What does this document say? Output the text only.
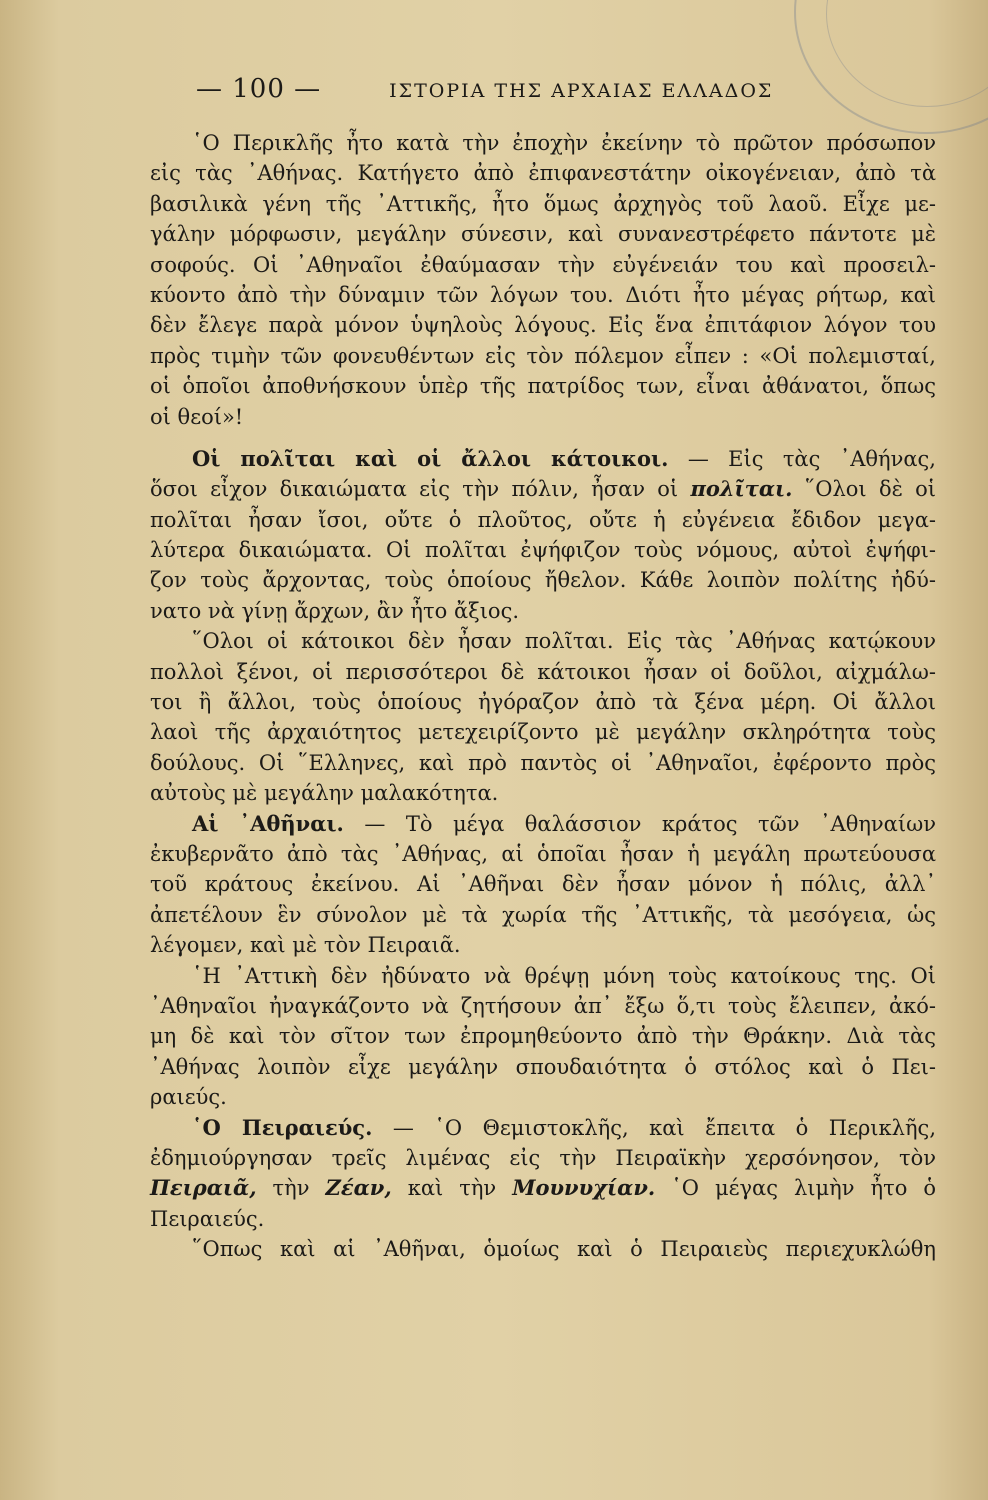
— 100 —	ΙΣΤΟΡΙΑ ΤΗΣ ΑΡΧΑΙΑΣ ΕΛΛΑΔΟΣ
῾Ο Περικλῆς ἦτο κατὰ τὴν ἐποχὴν ἐκείνην τὸ πρῶτον πρόσωπον
εἰς τὰς ᾿Αθήνας. Κατήγετο ἀπὸ ἐπιφανεστάτην οἰκογένειαν, ἀπὸ τὰ
βασιλικὰ γένη τῆς ᾿Αττικῆς, ἦτο ὅμως ἀρχηγὸς τοῦ λαοῦ. Εἶχε με-
γάλην μόρφωσιν, μεγάλην σύνεσιν, καὶ συνανεστρέφετο πάντοτε μὲ
σοφούς. Οἱ ᾿Αθηναῖοι ἐθαύμασαν τὴν εὐγένειάν του καὶ προσειλ-
κύοντο ἀπὸ τὴν δύναμιν τῶν λόγων του. Διότι ἦτο μέγας ρήτωρ, καὶ
δὲν ἔλεγε παρὰ μόνον ὑψηλοὺς λόγους. Εἰς ἕνα ἐπιτάφιον λόγον του
πρὸς τιμὴν τῶν φονευθέντων εἰς τὸν πόλεμον εἶπεν : «Οἱ πολεμισταί,
οἱ ὁποῖοι ἀποθνήσκουν ὑπὲρ τῆς πατρίδος των, εἶναι ἀθάνατοι, ὅπως
οἱ θεοί»!
Οἱ πολῖται καὶ οἱ ἄλλοι κάτοικοι. — Εἰς τὰς ᾿Αθήνας,
ὅσοι εἶχον δικαιώματα εἰς τὴν πόλιν, ἦσαν οἱ πολῖται. ῞Ολοι δὲ οἱ
πολῖται ἦσαν ἴσοι, οὔτε ὁ πλοῦτος, οὔτε ἡ εὐγένεια ἔδιδον μεγα-
λύτερα δικαιώματα. Οἱ πολῖται ἐψήφιζον τοὺς νόμους, αὐτοὶ ἐψήφι-
ζον τοὺς ἄρχοντας, τοὺς ὁποίους ἤθελον. Κάθε λοιπὸν πολίτης ἠδύ-
νατο νὰ γίνῃ ἄρχων, ἂν ἦτο ἄξιος.
῞Ολοι οἱ κάτοικοι δὲν ἦσαν πολῖται. Εἰς τὰς ᾿Αθήνας κατῴκουν
πολλοὶ ξένοι, οἱ περισσότεροι δὲ κάτοικοι ἦσαν οἱ δοῦλοι, αἰχμάλω-
τοι ἢ ἄλλοι, τοὺς ὁποίους ἠγόραζον ἀπὸ τὰ ξένα μέρη. Οἱ ἄλλοι
λαοὶ τῆς ἀρχαιότητος μετεχειρίζοντο μὲ μεγάλην σκληρότητα τοὺς
δούλους. Οἱ ῞Ελληνες, καὶ πρὸ παντὸς οἱ ᾿Αθηναῖοι, ἐφέροντο πρὸς
αὐτοὺς μὲ μεγάλην μαλακότητα.
Αἱ ᾿Αθῆναι. — Τὸ μέγα θαλάσσιον κράτος τῶν ᾿Αθηναίων
ἐκυβερνᾶτο ἀπὸ τὰς ᾿Αθήνας, αἱ ὁποῖαι ἦσαν ἡ μεγάλη πρωτεύουσα
τοῦ κράτους ἐκείνου. Αἱ ᾿Αθῆναι δὲν ἦσαν μόνον ἡ πόλις, ἀλλ᾿
ἀπετέλουν ἓν σύνολον μὲ τὰ χωρία τῆς ᾿Αττικῆς, τὰ μεσόγεια, ὡς
λέγομεν, καὶ μὲ τὸν Πειραιᾶ.
῾Η ᾿Αττικὴ δὲν ἠδύνατο νὰ θρέψῃ μόνη τοὺς κατοίκους της. Οἱ
᾿Αθηναῖοι ἠναγκάζοντο νὰ ζητήσουν ἀπ᾿ ἔξω ὅ,τι τοὺς ἔλειπεν, ἀκό-
μη δὲ καὶ τὸν σῖτον των ἐπρομηθεύοντο ἀπὸ τὴν Θράκην. Διὰ τὰς
᾿Αθήνας λοιπὸν εἶχε μεγάλην σπουδαιότητα ὁ στόλος καὶ ὁ Πει-
ραιεύς.
῾Ο Πειραιεύς. — ῾Ο Θεμιστοκλῆς, καὶ ἔπειτα ὁ Περικλῆς,
ἐδημιούργησαν τρεῖς λιμένας εἰς τὴν Πειραϊκὴν χερσόνησον, τὸν
Πειραιᾶ, τὴν Ζέαν, καὶ τὴν Μουνυχίαν. ῾Ο μέγας λιμὴν ἦτο ὁ
Πειραιεύς.
῞Οπως καὶ αἱ ᾿Αθῆναι, ὁμοίως καὶ ὁ Πειραιεὺς περιεχυκλώθη
